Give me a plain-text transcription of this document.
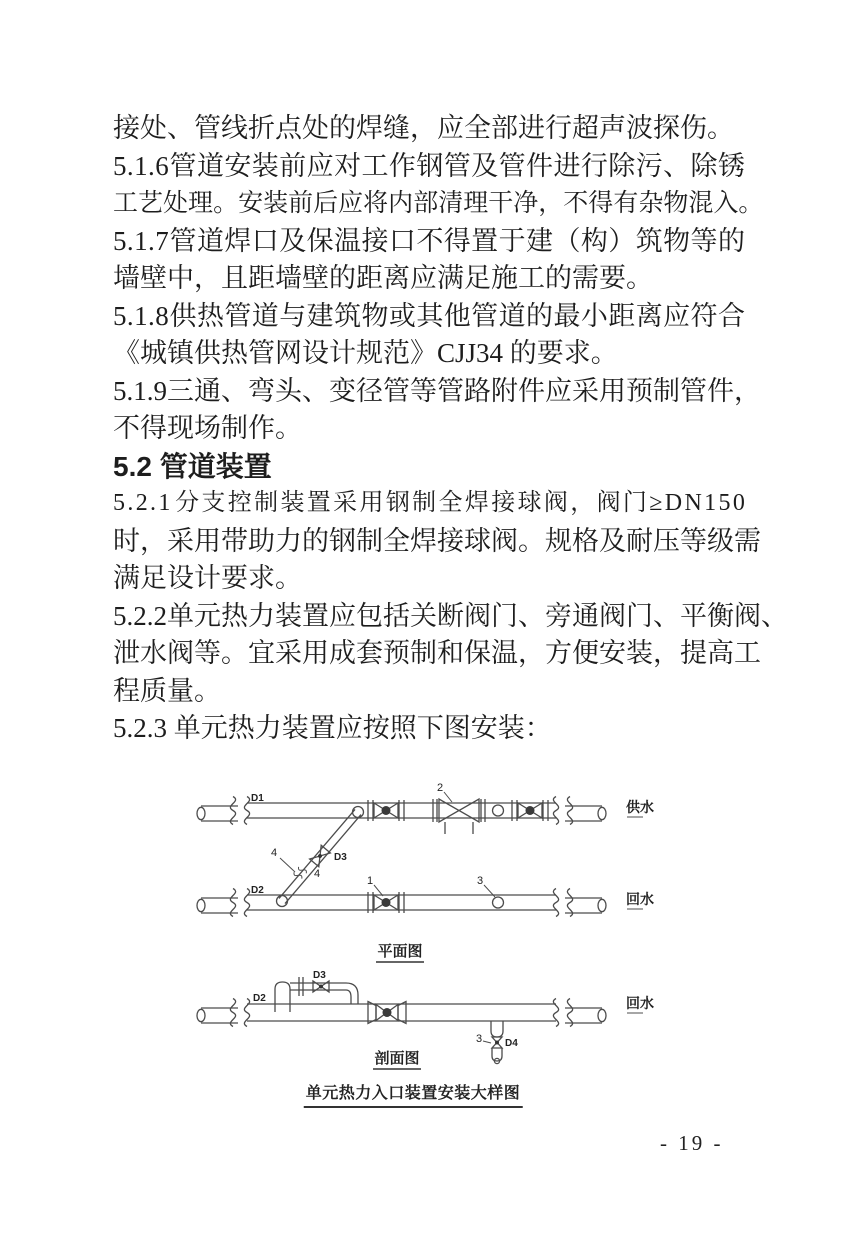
接处、管线折点处的焊缝，应全部进行超声波探伤。
5 . 1 . 6 管 道 安 装 前 应 对 工 作 钢 管 及 管 件 进 行 除 污 、 除 锈
工 艺 处 理 。 安 装 前 后 应 将 内 部 清 理 干 净 ， 不 得 有 杂 物 混 入 。
5 . 1 . 7 管 道 焊 口 及 保 温 接 口 不 得 置 于 建 （ 构 ） 筑 物 等 的
墙壁中，且距墙壁的距离应满足施工的需要。
5 . 1 . 8 供 热 管 道 与 建 筑 物 或 其 他 管 道 的 最 小 距 离 应 符 合
《城镇供热管网设计规范》CJJ34 的要求。
5 . 1 . 9 三 通 、 弯 头 、 变 径 管 等 管 路 附 件 应 采 用 预 制 管 件 ，
不得现场制作。
5.2 管道装置
5 . 2 . 1 分 支 控 制 装 置 采 用 钢 制 全 焊 接 球 阀 ， 阀 门 ≥ D N 1 5 0
时 ， 采 用 带 助 力 的 钢 制 全 焊 接 球 阀 。 规 格 及 耐 压 等 级 需
满足设计要求。
5 . 2 . 2 单 元 热 力 装 置 应 包 括 关 断 阀 门 、 旁 通 阀 门 、 平 衡 阀 、
泄 水 阀 等 。 宜 采 用 成 套 预 制 和 保 温 ， 方 便 安 装 ， 提 高 工
程质量。
5.2.3 单元热力装置应按照下图安装：
D1
D2
D3
2
1	3
4
4
供水
回水
平面图
D2
D3
D4
3
回水
剖面图
单元热力入口装置安装大样图
- 19 -
